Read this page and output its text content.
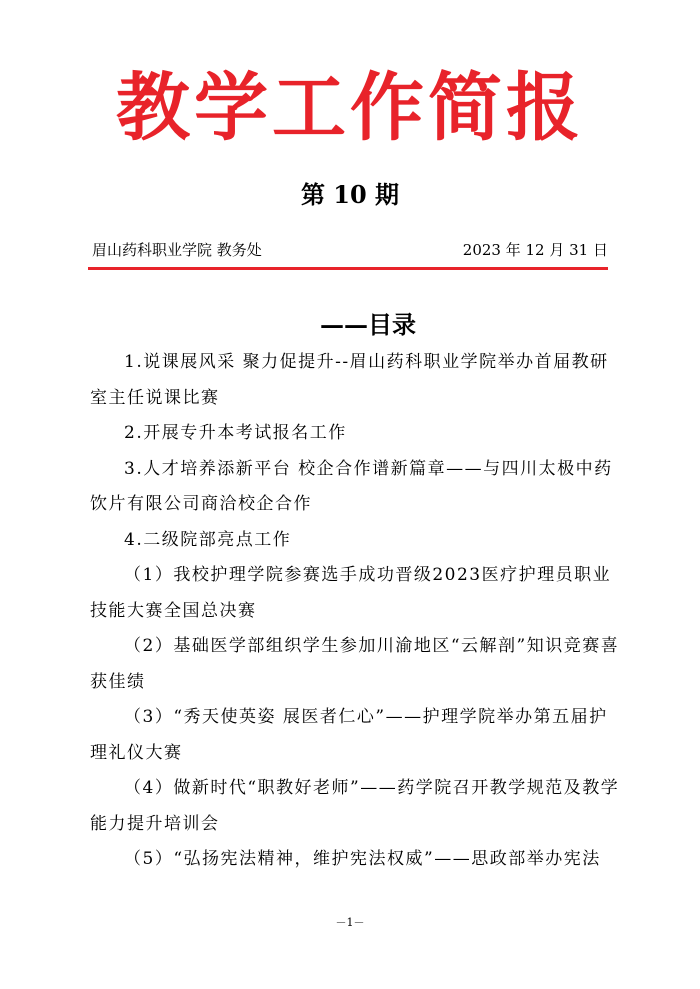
教学工作简报
第 10 期
眉山药科职业学院 教务处	2023 年 12 月 31 日
——目录

1.说课展风采 聚力促提升--眉山药科职业学院举办首届教研室主任说课比赛

2.开展专升本考试报名工作

3.人才培养添新平台 校企合作谱新篇章——与四川太极中药饮片有限公司商洽校企合作

4.二级院部亮点工作

（1）我校护理学院参赛选手成功晋级2023医疗护理员职业技能大赛全国总决赛

（2）基础医学部组织学生参加川渝地区“云解剖”知识竞赛喜获佳绩

（3）“秀天使英姿 展医者仁心”——护理学院举办第五届护理礼仪大赛

（4）做新时代“职教好老师”——药学院召开教学规范及教学能力提升培训会

（5）“弘扬宪法精神，维护宪法权威”——思政部举办宪法

－1－
